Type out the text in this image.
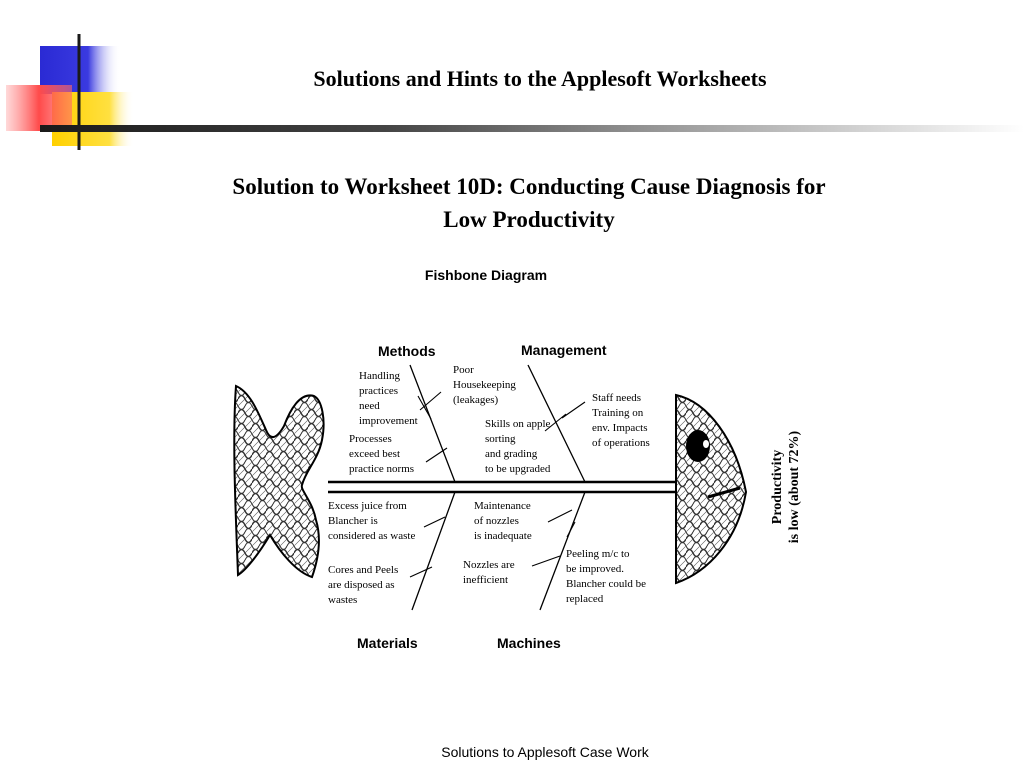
Solutions and Hints to the Applesoft Worksheets
Solution to Worksheet 10D: Conducting Cause Diagnosis for
Low Productivity
Fishbone Diagram
Methods	Management
Materials	Machines
Handling
practices
need
improvement
Poor
Housekeeping
(leakages)
Processes
exceed best
practice norms
Skills on apple
sorting
and grading
to be upgraded
Staff needs
Training on
env. Impacts
of operations
Excess juice from
Blancher is
considered as waste
Cores and Peels
are disposed as
wastes
Maintenance
of nozzles
is inadequate
Nozzles are
inefficient
Peeling m/c to
be improved.
Blancher could be
replaced
Productivity
is low (about 72%)
Solutions to Applesoft Case Work
